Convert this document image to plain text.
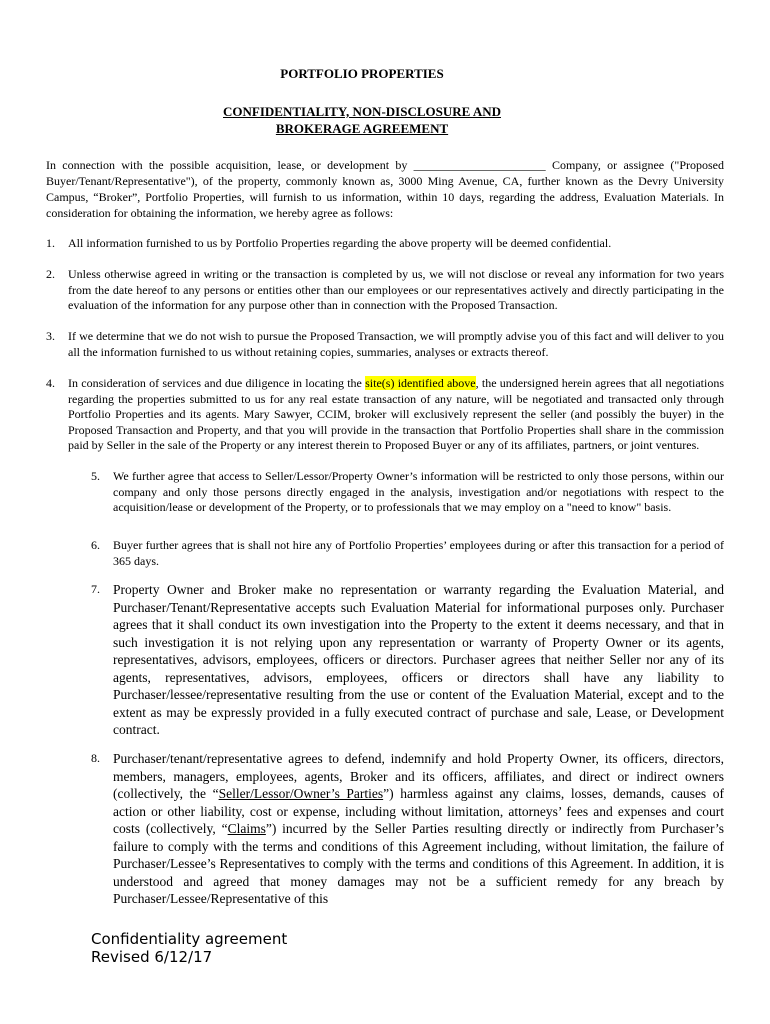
PORTFOLIO PROPERTIES
CONFIDENTIALITY, NON-DISCLOSURE AND
BROKERAGE AGREEMENT
In connection with the possible acquisition, lease, or development by ______________________ Company, or assignee ("Proposed Buyer/Tenant/Representative"), of the property, commonly known as, 3000 Ming Avenue, CA, further known as the Devry University Campus, “Broker”, Portfolio Properties, will furnish to us information, within 10 days, regarding the address, Evaluation Materials. In consideration for obtaining the information, we hereby agree as follows:
1. All information furnished to us by Portfolio Properties regarding the above property will be deemed confidential.
2. Unless otherwise agreed in writing or the transaction is completed by us, we will not disclose or reveal any information for two years from the date hereof to any persons or entities other than our employees or our representatives actively and directly participating in the evaluation of the information for any purpose other than in connection with the Proposed Transaction.
3. If we determine that we do not wish to pursue the Proposed Transaction, we will promptly advise you of this fact and will deliver to you all the information furnished to us without retaining copies, summaries, analyses or extracts thereof.
4. In consideration of services and due diligence in locating the site(s) identified above, the undersigned herein agrees that all negotiations regarding the properties submitted to us for any real estate transaction of any nature, will be negotiated and transacted only through Portfolio Properties and its agents. Mary Sawyer, CCIM, broker will exclusively represent the seller (and possibly the buyer) in the Proposed Transaction and Property, and that you will provide in the transaction that Portfolio Properties shall share in the commission paid by Seller in the sale of the Property or any interest therein to Proposed Buyer or any of its affiliates, partners, or joint ventures.
5. We further agree that access to Seller/Lessor/Property Owner’s information will be restricted to only those persons, within our company and only those persons directly engaged in the analysis, investigation and/or negotiations with respect to the acquisition/lease or development of the Property, or to professionals that we may employ on a "need to know" basis.
6. Buyer further agrees that is shall not hire any of Portfolio Properties’ employees during or after this transaction for a period of 365 days.
7. Property Owner and Broker make no representation or warranty regarding the Evaluation Material, and Purchaser/Tenant/Representative accepts such Evaluation Material for informational purposes only. Purchaser agrees that it shall conduct its own investigation into the Property to the extent it deems necessary, and that in such investigation it is not relying upon any representation or warranty of Property Owner or its agents, representatives, advisors, employees, officers or directors. Purchaser agrees that neither Seller nor any of its agents, representatives, advisors, employees, officers or directors shall have any liability to Purchaser/lessee/representative resulting from the use or content of the Evaluation Material, except and to the extent as may be expressly provided in a fully executed contract of purchase and sale, Lease, or Development contract.
8. Purchaser/tenant/representative agrees to defend, indemnify and hold Property Owner, its officers, directors, members, managers, employees, agents, Broker and its officers, affiliates, and direct or indirect owners (collectively, the “Seller/Lessor/Owner’s Parties”) harmless against any claims, losses, demands, causes of action or other liability, cost or expense, including without limitation, attorneys’ fees and expenses and court costs (collectively, “Claims”) incurred by the Seller Parties resulting directly or indirectly from Purchaser’s failure to comply with the terms and conditions of this Agreement including, without limitation, the failure of Purchaser/Lessee’s Representatives to comply with the terms and conditions of this Agreement. In addition, it is understood and agreed that money damages may not be a sufficient remedy for any breach by Purchaser/Lessee/Representative of this
Confidentiality agreement
Revised 6/12/17
